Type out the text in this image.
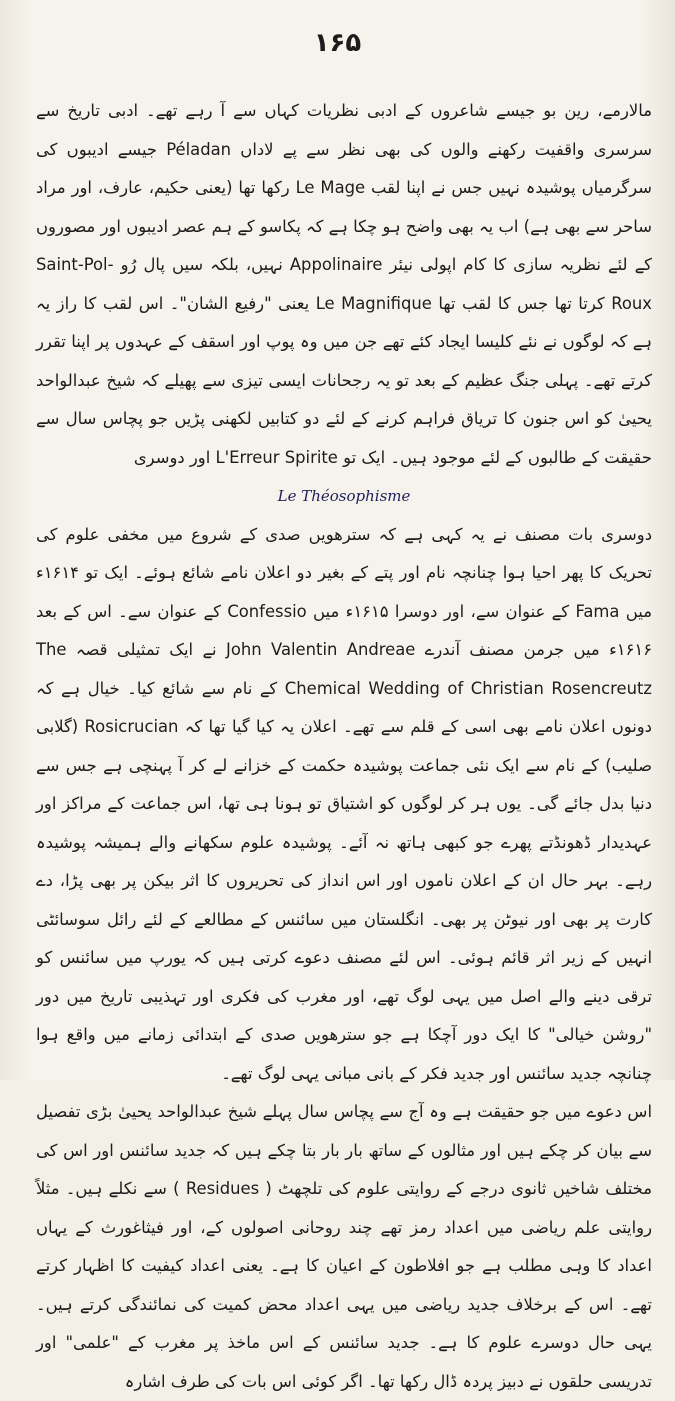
۱۶۵

مالارمے، رین بو جیسے شاعروں کے ادبی نظریات کہاں سے آ رہے تھے۔ ادبی تاریخ سے سرسری واقفیت رکھنے والوں کی بھی نظر سے پے لاداں Péladan جیسے ادیبوں کی سرگرمیاں پوشیدہ نہیں جس نے اپنا لقب Le Mage رکھا تھا (یعنی حکیم، عارف، اور مراد ساحر سے بھی ہے) اب یہ بھی واضح ہو چکا ہے کہ پکاسو کے ہم عصر ادیبوں اور مصوروں کے لئے نظریہ سازی کا کام اپولی نیئر Appolinaire نہیں، بلکہ سیں پال رُو Saint-Pol-Roux کرتا تھا جس کا لقب تھا Le Magnifique یعنی "رفیع الشان"۔ اس لقب کا راز یہ ہے کہ لوگوں نے نئے کلیسا ایجاد کئے تھے جن میں وہ پوپ اور اسقف کے عہدوں پر اپنا تقرر کرتے تھے۔ پہلی جنگ عظیم کے بعد تو یہ رجحانات ایسی تیزی سے پھیلے کہ شیخ عبدالواحد یحییٰ کو اس جنون کا تریاق فراہم کرنے کے لئے دو کتابیں لکھنی پڑیں جو پچاس سال سے حقیقت کے طالبوں کے لئے موجود ہیں۔ ایک تو L'Erreur Spirite اور دوسری

Le Théosophisme

دوسری بات مصنف نے یہ کہی ہے کہ سترھویں صدی کے شروع میں مخفی علوم کی تحریک کا پھر احیا ہوا چنانچہ نام اور پتے کے بغیر دو اعلان نامے شائع ہوئے۔ ایک تو ۱۶۱۴ء میں Fama کے عنوان سے، اور دوسرا ۱۶۱۵ء میں Confessio کے عنوان سے۔ اس کے بعد ۱۶۱۶ء میں جرمن مصنف آندرے John Valentin Andreae نے ایک تمثیلی قصہ The Chemical Wedding of Christian Rosencreutz کے نام سے شائع کیا۔ خیال ہے کہ دونوں اعلان نامے بھی اسی کے قلم سے تھے۔ اعلان یہ کیا گیا تھا کہ Rosicrucian (گلابی صلیب) کے نام سے ایک نئی جماعت پوشیدہ حکمت کے خزانے لے کر آ پہنچی ہے جس سے دنیا بدل جائے گی۔ یوں ہر کر لوگوں کو اشتیاق تو ہونا ہی تھا، اس جماعت کے مراکز اور عہدیدار ڈھونڈتے پھرے جو کبھی ہاتھ نہ آئے۔ پوشیدہ علوم سکھانے والے ہمیشہ پوشیدہ رہے۔ بہر حال ان کے اعلان ناموں اور اس انداز کی تحریروں کا اثر بیکن پر بھی پڑا، دے کارت پر بھی اور نیوٹن پر بھی۔ انگلستان میں سائنس کے مطالعے کے لئے رائل سوسائٹی انہیں کے زیر اثر قائم ہوئی۔ اس لئے مصنف دعوے کرتی ہیں کہ یورپ میں سائنس کو ترقی دینے والے اصل میں یہی لوگ تھے، اور مغرب کی فکری اور تہذیبی تاریخ میں دور "روشن خیالی" کا ایک دور آچکا ہے جو سترھویں صدی کے ابتدائی زمانے میں واقع ہوا چنانچہ جدید سائنس اور جدید فکر کے بانی مبانی یہی لوگ تھے۔

اس دعوے میں جو حقیقت ہے وہ آج سے پچاس سال پہلے شیخ عبدالواحد یحییٰ بڑی تفصیل سے بیان کر چکے ہیں اور مثالوں کے ساتھ بار بار بتا چکے ہیں کہ جدید سائنس اور اس کی مختلف شاخیں ثانوی درجے کے روایتی علوم کی تلچھٹ ( Residues ) سے نکلے ہیں۔ مثلاً روایتی علم ریاضی میں اعداد رمز تھے چند روحانی اصولوں کے، اور فیثاغورث کے یہاں اعداد کا وہی مطلب ہے جو افلاطون کے اعیان کا ہے۔ یعنی اعداد کیفیت کا اظہار کرتے تھے۔ اس کے برخلاف جدید ریاضی میں یہی اعداد محض کمیت کی نمائندگی کرتے ہیں۔ یہی حال دوسرے علوم کا ہے۔ جدید سائنس کے اس ماخذ پر مغرب کے "علمی" اور تدریسی حلقوں نے دبیز پردہ ڈال رکھا تھا۔ اگر کوئی اس بات کی طرف اشارہ
